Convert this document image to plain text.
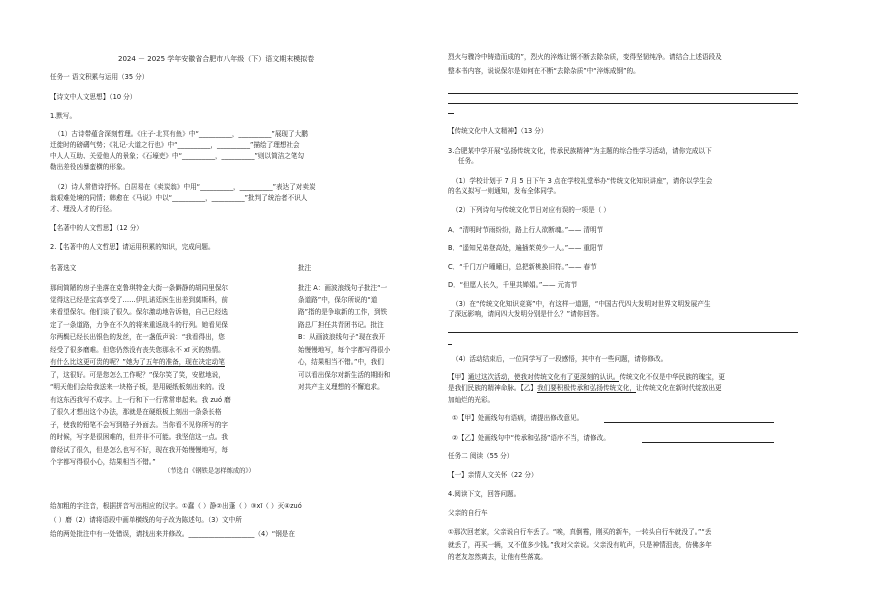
2024 － 2025 学年安徽省合肥市八年级（下）语文期末模拟卷
任务一 语文积累与运用（35 分）
【诗文中人文思想】（10 分）
1.默写。
（1）古诗带蕴含深刻哲理。《庄子·北冥有鱼》中“__________，__________”展现了大鹏
迁徙时的磅礴气势；《礼记·大道之行也》中“__________，__________”描绘了理想社会
中人人互助、关爱他人的景象；《石壕吏》中“__________，__________”则以简洁之笔勾
勒出差役凶暴蛮横的形象。
（2）诗人常借诗抒怀。白居易在《卖炭翁》中用“__________，__________”表达了对卖炭
翁艰难处境的同情；韩愈在《马说》中以“__________，__________”批判了统治者不识人
才、埋没人才的行径。
【名著中的人文哲思】（12 分）
2.【名著中的人文哲思】请运用积累的知识，完成问题。
名著选文	批注
那间简陋的房子坐落在克鲁琪特金大街一条僻静的胡同里保尔
觉得这已经是宝高享受了……伊扎诺廷医生出差到莫斯科，前
来看望保尔。他们谈了很久。保尔激动地告诉他，自己已经选
定了一条道路，力争在不久的将来重返战斗的行列。她看见保
尔两鬓已经长出银色的发丝，在一盏低声说：“我看得出，您
经受了很多磨难。但您仍然没有丧失您那永不 xī 灭的热情。
有什么比这更可贵的呢？”她为了五年的准备，现在决定动笔
了，这很好。可是您怎么工作呢？”保尔笑了笑，安慰地说，
“明天他们会给我送来一块格子板，是用硬纸板刻出来的。没
有这东西我写不成字。上一行和下一行常常串起来。我 zuó 磨
了很久才想出这个办法，那就是在硬纸板上刻出一条条长格
子，使我的铅笔不会写到格子外面去。当你看不见你所写的字
的时候，写字是很困难的，但并非不可能。我坚信这一点。我
曾经试了很久，但是怎么也写不好，现在我开始慢慢地写，每
个字都写得很小心，结果相当不错。”
（节选自《钢铁是怎样炼成的》）
批注 A：画波浪线句子批注“一
条道路”中，保尔所说的“道
路”指的是争取新的工作，到铁
路总厂担任共青团书记。批注
B：从画波浪线句子“现在我开
始慢慢地写，每个字都写得很小
心，结果相当不错。”中，我们
可以看出保尔对新生活的期盼和
对共产主义理想的不懈追求。
给加粗的字注音，根据拼音写出相应的汉字。①蠢（ ）静②出蓬（ ）③xī（ ）灭④zuó
（ ）磨（2）请将语段中画单横线的句子改为陈述句。（3）文中所
给的两处批注中有一处错误，请找出来并修改。____________________（4）“钢是在
烈火与骤冷中铸造而成的”，烈火的淬炼让钢不断去除杂质，变得坚韧纯净。请结合上述语段及
整本书内容，说说保尔是如何在不断“去除杂质”中“淬炼成钢”的。
【传统文化中人文精神】（13 分）
3.合肥某中学开展“弘扬传统文化，传承民族精神”为主题的综合性学习活动，请你完成以下
任务。
（1）学校计划于 7 月 5 日下午 3 点在学校礼堂举办“传统文化知识讲座”，请你以学生会
的名义拟写一则通知，发布全体同学。
（2）下列诗句与传统文化节日对应有误的一项是（ ）
A．“清明时节雨纷纷，路上行人欲断魂。”—— 清明节
B．“遥知兄弟登高处，遍插茱萸少一人。”—— 重阳节
C．“千门万户曈曈日，总把新桃换旧符。”—— 春节
D．“但愿人长久，千里共婵娟。”—— 元宵节
（3）在“传统文化知识竞赛”中，有这样一道题，“中国古代四大发明对世界文明发展产生
了深远影响，请问四大发明分别是什么？”请你回答。
（4）活动结束后，一位同学写了一段感悟，其中有一些问题，请你修改。
【甲】通过这次活动，使我对传统文化有了更深刻的认识。传统文化不仅是中华民族的瑰宝，更
是我们民族的精神命脉。【乙】我们要积极传承和弘扬传统文化，让传统文化在新时代绽放出更
加灿烂的光彩。
①【甲】处画线句有语病，请提出修改意见。
②【乙】处画线句中“传承和弘扬”语序不当，请修改。
任务二 阅读（55 分）
【一】亲情人文关怀（22 分）
4.阅读下文，回答问题。
父亲的自行车
①那次回老家，父亲说自行车丢了。“唉，真倒霉，刚买的新车，一转头自行车就没了。”“丢
就丢了，再买一辆，又不值多少钱。”我对父亲说。父亲没有吭声，只是神情沮丧，仿佛多年
的老友忽然离去，让他有些落寞。
